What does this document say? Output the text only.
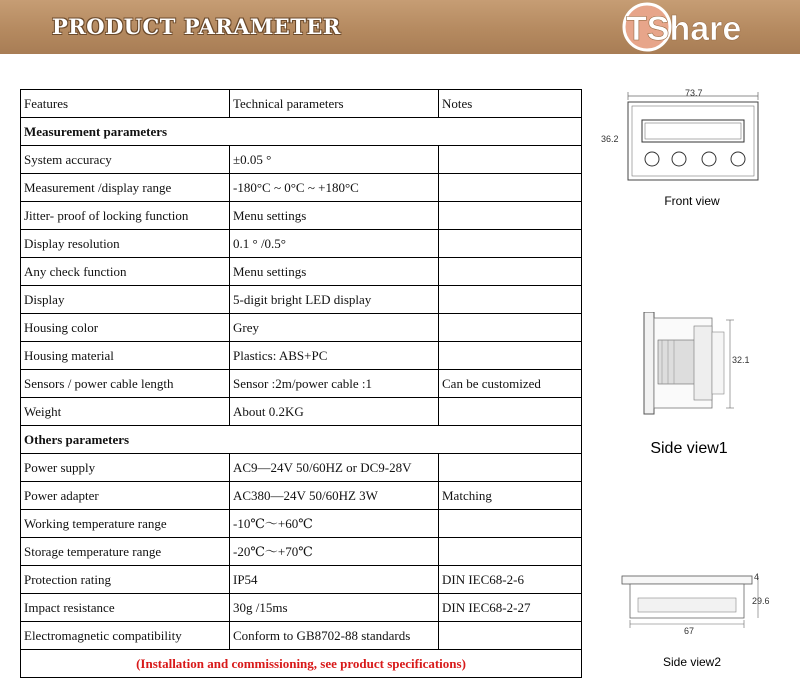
PRODUCT PARAMETER	TShare
Features	Technical parameters	Notes
Measurement parameters		
System accuracy	±0.05 °	
Measurement /display range	-180°C ~ 0°C ~ +180°C	
Jitter- proof of locking function	Menu settings	
Display resolution	0.1 ° /0.5°	
Any check function	Menu settings	
Display	5-digit bright LED display	
Housing color	Grey	
Housing material	Plastics: ABS+PC	
Sensors / power cable length	Sensor :2m/power cable :1	Can be customized
Weight	About 0.2KG	
Others parameters		
Power supply	AC9—24V 50/60HZ or DC9-28V	
Power adapter	AC380—24V 50/60HZ 3W	Matching
Working temperature range	-10℃～+60℃	
Storage temperature range	-20℃～+70℃	
Protection rating	IP54	DIN IEC68-2-6
Impact resistance	30g /15ms	DIN IEC68-2-27
Electromagnetic compatibility	Conform to GB8702-88 standards	
(Installation and commissioning, see product specifications)		
73.7
36.2
Front view
32.1
Side view1
4
29.6
67
Side view2
